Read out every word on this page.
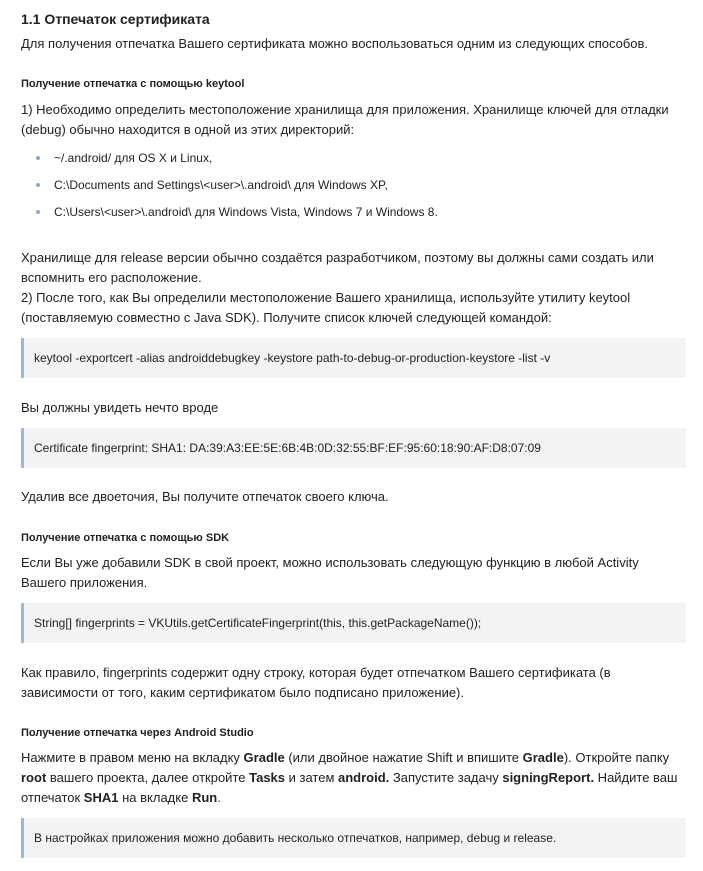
1.1 Отпечаток сертификата

Для получения отпечатка Вашего сертификата можно воспользоваться одним из следующих способов.

Получение отпечатка с помощью keytool

1) Необходимо определить местоположение хранилища для приложения. Хранилище ключей для отладки
(debug) обычно находится в одной из этих директорий:

~/.android/ для OS X и Linux,
C:\Documents and Settings\<user>\.android\ для Windows XP,
C:\Users\<user>\.android\ для Windows Vista, Windows 7 и Windows 8.

Хранилище для release версии обычно создаётся разработчиком, поэтому вы должны сами создать или
вспомнить его расположение.
2) После того, как Вы определили местоположение Вашего хранилища, используйте утилиту keytool
(поставляемую совместно с Java SDK). Получите список ключей следующей командой:

keytool -exportcert -alias androiddebugkey -keystore path-to-debug-or-production-keystore -list -v

Вы должны увидеть нечто вроде

Certificate fingerprint: SHA1: DA:39:A3:EE:5E:6B:4B:0D:32:55:BF:EF:95:60:18:90:AF:D8:07:09

Удалив все двоеточия, Вы получите отпечаток своего ключа.

Получение отпечатка с помощью SDK

Если Вы уже добавили SDK в свой проект, можно использовать следующую функцию в любой Activity
Вашего приложения.

String[] fingerprints = VKUtils.getCertificateFingerprint(this, this.getPackageName());

Как правило, fingerprints содержит одну строку, которая будет отпечатком Вашего сертификата (в
зависимости от того, каким сертификатом было подписано приложение).

Получение отпечатка через Android Studio

Нажмите в правом меню на вкладку Gradle (или двойное нажатие Shift и впишите Gradle). Откройте папку
root вашего проекта, далее откройте Tasks и затем android. Запустите задачу signingReport. Найдите ваш
отпечаток SHA1 на вкладке Run.

В настройках приложения можно добавить несколько отпечатков, например, debug и release.
